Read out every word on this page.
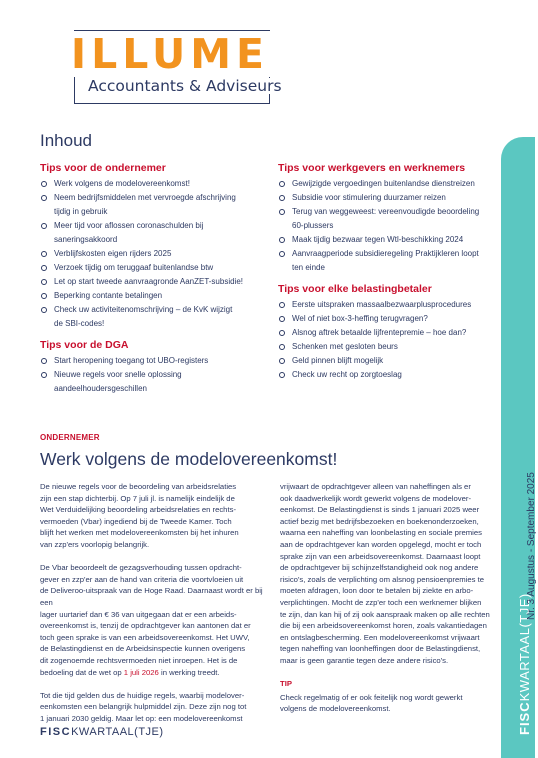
ILLUME
Accountants & Adviseurs
FISCKWARTAAL(TJE)
Nr. 3 Augustus - September 2025
Inhoud
Tips voor de ondernemer
Werk volgens de modelovereenkomst!
Neem bedrijfsmiddelen met vervroegde afschrijving
tijdig in gebruik
Meer tijd voor aflossen coronaschulden bij
saneringsakkoord
Verblijfskosten eigen rijders 2025
Verzoek tijdig om teruggaaf buitenlandse btw
Let op start tweede aanvraagronde AanZET-subsidie!
Beperking contante betalingen
Check uw activiteitenomschrijving – de KvK wijzigt
de SBI-codes!
Tips voor de DGA
Start heropening toegang tot UBO-registers
Nieuwe regels voor snelle oplossing
aandeelhoudersgeschillen
Tips voor werkgevers en werknemers
Gewijzigde vergoedingen buitenlandse dienstreizen
Subsidie voor stimulering duurzamer reizen
Terug van weggeweest: vereenvoudigde beoordeling
60-plussers
Maak tijdig bezwaar tegen Wtl-beschikking 2024
Aanvraagperiode subsidieregeling Praktijkleren loopt
ten einde
Tips voor elke belastingbetaler
Eerste uitspraken massaalbezwaarplusprocedures
Wel of niet box-3-heffing terugvragen?
Alsnog aftrek betaalde lijfrentepremie – hoe dan?
Schenken met gesloten beurs
Geld pinnen blijft mogelijk
Check uw recht op zorgtoeslag
ONDERNEMER
Werk volgens de modelovereenkomst!

De nieuwe regels voor de beoordeling van arbeidsrelaties
zijn een stap dichterbij. Op 7 juli jl. is namelijk eindelijk de
Wet Verduidelijking beoordeling arbeidsrelaties en rechts-
vermoeden (Vbar) ingediend bij de Tweede Kamer. Toch
blijft het werken met modelovereenkomsten bij het inhuren
van zzp'ers voorlopig belangrijk.

De Vbar beoordeelt de gezagsverhouding tussen opdracht-
gever en zzp'er aan de hand van criteria die voortvloeien uit
de Deliveroo-uitspraak van de Hoge Raad. Daarnaast wordt er bij een
lager uurtarief dan € 36 van uitgegaan dat er een arbeids-
overeenkomst is, tenzij de opdrachtgever kan aantonen dat er
toch geen sprake is van een arbeidsovereenkomst. Het UWV,
de Belastingdienst en de Arbeidsinspectie kunnen overigens
dit zogenoemde rechtsvermoeden niet inroepen. Het is de
bedoeling dat de wet op 1 juli 2026 in werking treedt.

Tot die tijd gelden dus de huidige regels, waarbij modelover-
eenkomsten een belangrijk hulpmiddel zijn. Deze zijn nog tot
1 januari 2030 geldig. Maar let op: een modelovereenkomst

vrijwaart de opdrachtgever alleen van naheffingen als er
ook daadwerkelijk wordt gewerkt volgens de modelover-
eenkomst. De Belastingdienst is sinds 1 januari 2025 weer
actief bezig met bedrijfsbezoeken en boekenonderzoeken,
waarna een naheffing van loonbelasting en sociale premies
aan de opdrachtgever kan worden opgelegd, mocht er toch
sprake zijn van een arbeidsovereenkomst. Daarnaast loopt
de opdrachtgever bij schijnzelfstandigheid ook nog andere
risico's, zoals de verplichting om alsnog pensioenpremies te
moeten afdragen, loon door te betalen bij ziekte en arbo-
verplichtingen. Mocht de zzp'er toch een werknemer blijken
te zijn, dan kan hij of zij ook aanspraak maken op alle rechten
die bij een arbeidsovereenkomst horen, zoals vakantiedagen
en ontslagbescherming. Een modelovereenkomst vrijwaart
tegen naheffing van loonheffingen door de Belastingdienst,
maar is geen garantie tegen deze andere risico's.

TIP

Check regelmatig of er ook feitelijk nog wordt gewerkt
volgens de modelovereenkomst.

FISCKWARTAAL(TJE)
